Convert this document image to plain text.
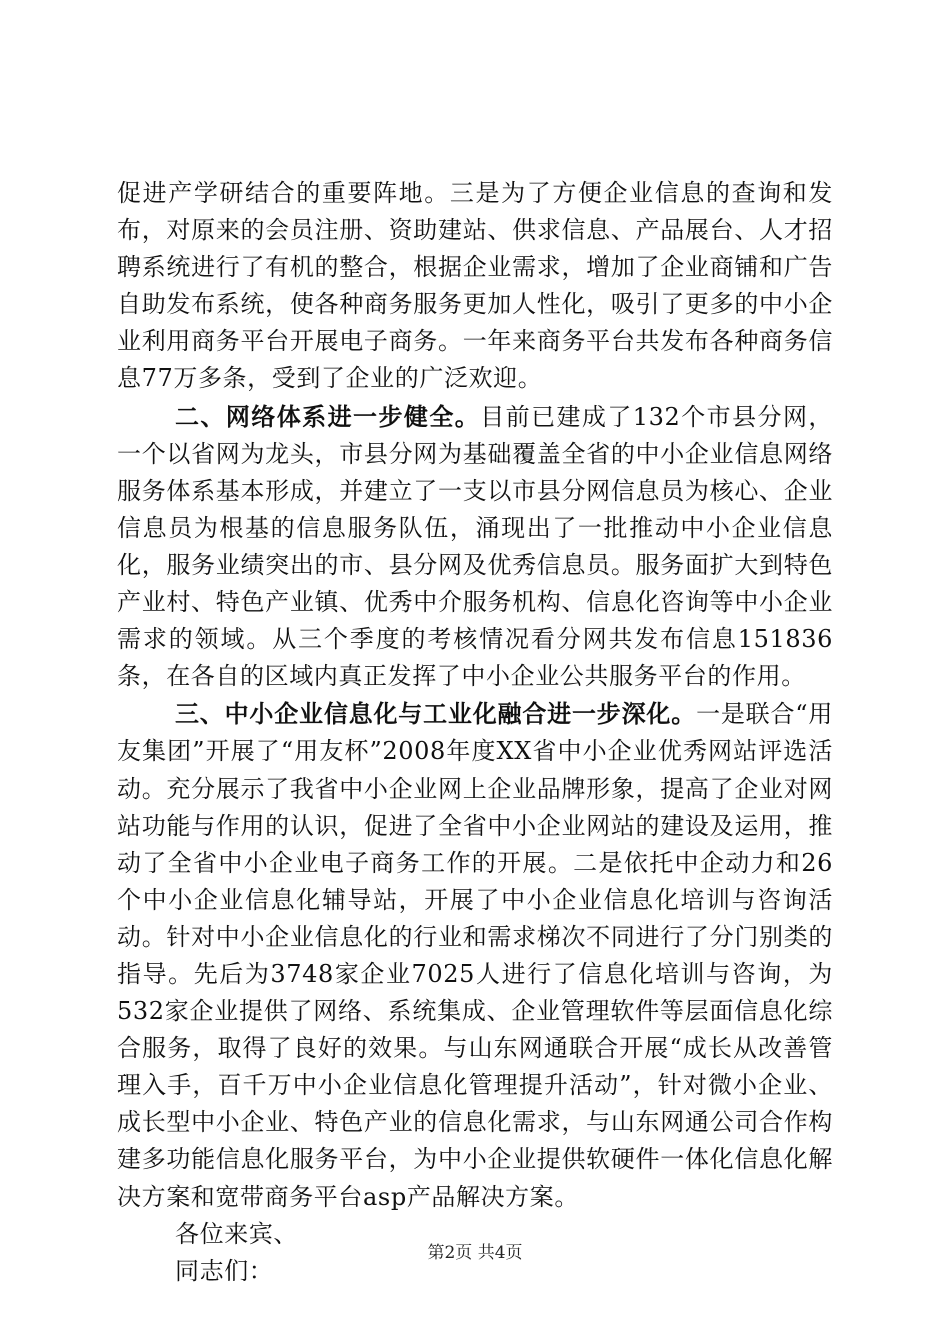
促进产学研结合的重要阵地。三是为了方便企业信息的查询和发布，对原来的会员注册、资助建站、供求信息、产品展台、人才招聘系统进行了有机的整合，根据企业需求，增加了企业商铺和广告自助发布系统，使各种商务服务更加人性化，吸引了更多的中小企业利用商务平台开展电子商务。一年来商务平台共发布各种商务信息77万多条，受到了企业的广泛欢迎。

二、网络体系进一步健全。目前已建成了132个市县分网，一个以省网为龙头，市县分网为基础覆盖全省的中小企业信息网络服务体系基本形成，并建立了一支以市县分网信息员为核心、企业信息员为根基的信息服务队伍，涌现出了一批推动中小企业信息化，服务业绩突出的市、县分网及优秀信息员。服务面扩大到特色产业村、特色产业镇、优秀中介服务机构、信息化咨询等中小企业需求的领域。从三个季度的考核情况看分网共发布信息151836条，在各自的区域内真正发挥了中小企业公共服务平台的作用。

三、中小企业信息化与工业化融合进一步深化。一是联合“用友集团”开展了“用友杯”2008年度XX省中小企业优秀网站评选活动。充分展示了我省中小企业网上企业品牌形象，提高了企业对网站功能与作用的认识，促进了全省中小企业网站的建设及运用，推动了全省中小企业电子商务工作的开展。二是依托中企动力和26个中小企业信息化辅导站，开展了中小企业信息化培训与咨询活动。针对中小企业信息化的行业和需求梯次不同进行了分门别类的指导。先后为3748家企业7025人进行了信息化培训与咨询，为532家企业提供了网络、系统集成、企业管理软件等层面信息化综合服务，取得了良好的效果。与山东网通联合开展“成长从改善管理入手，百千万中小企业信息化管理提升活动”，针对微小企业、成长型中小企业、特色产业的信息化需求，与山东网通公司合作构建多功能信息化服务平台，为中小企业提供软硬件一体化信息化解决方案和宽带商务平台asp产品解决方案。

各位来宾、

同志们：

第2页 共4页
